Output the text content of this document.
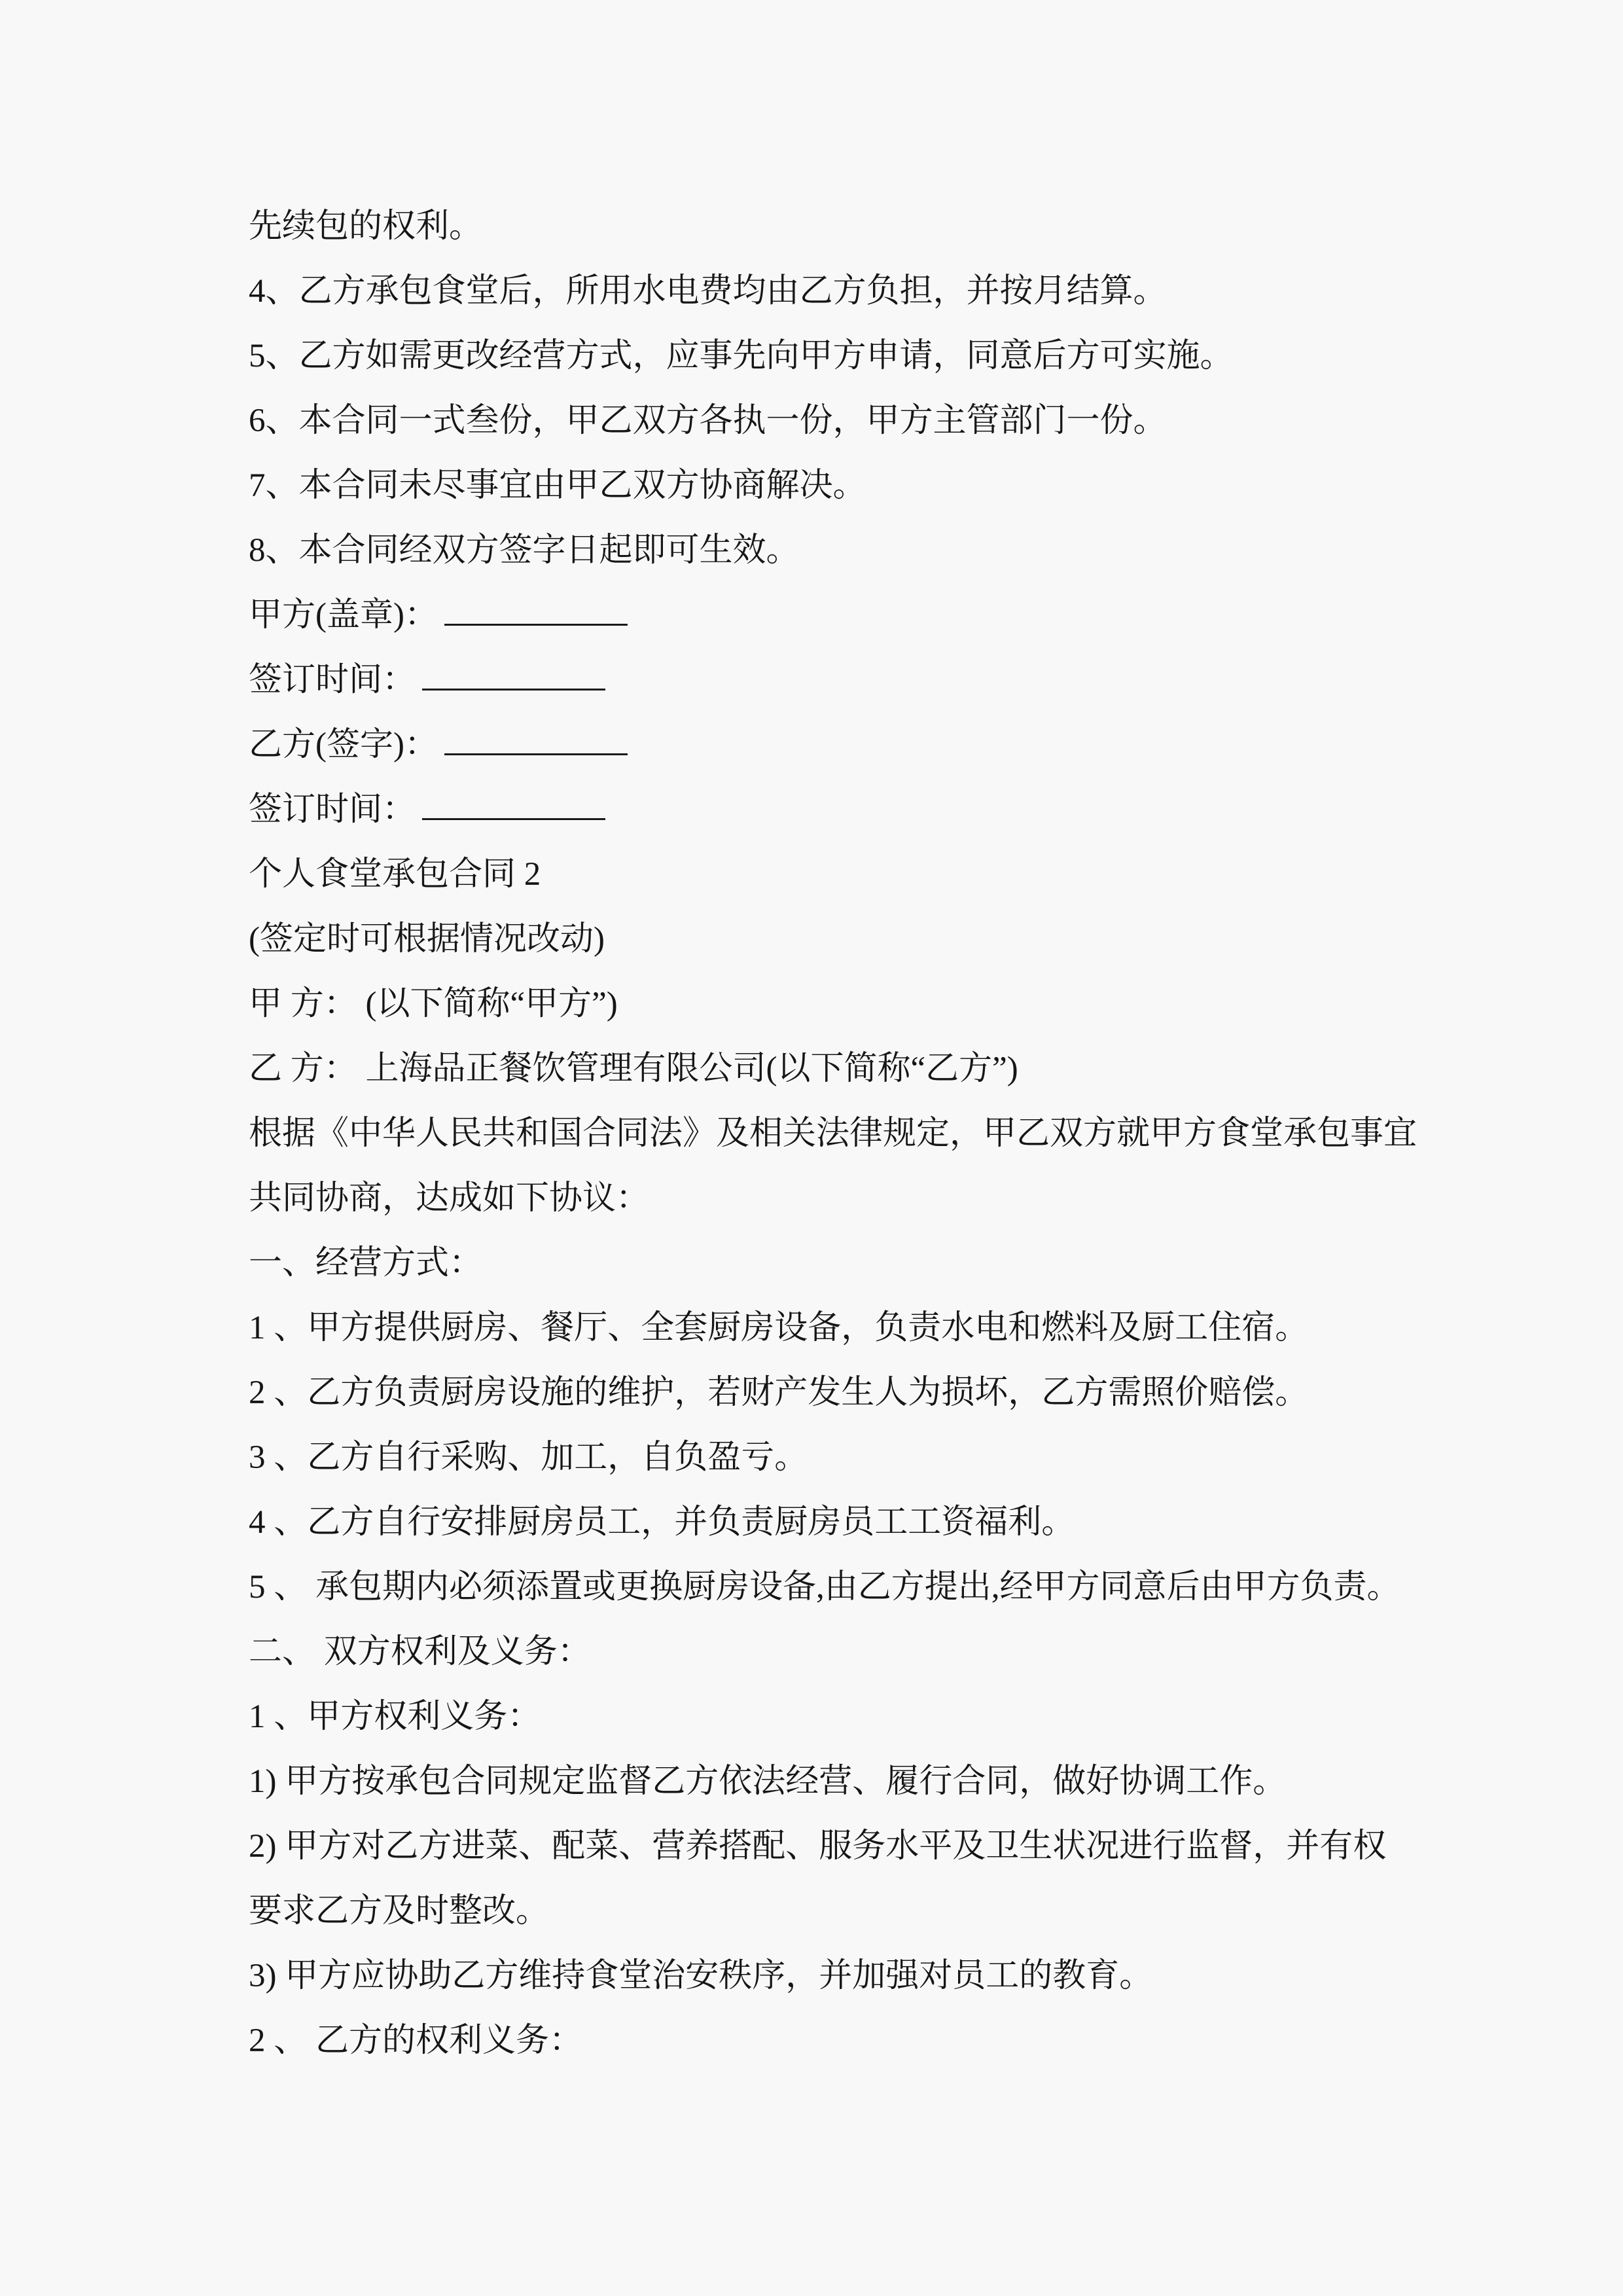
先续包的权利。
4、乙方承包食堂后，所用水电费均由乙方负担，并按月结算。
5、乙方如需更改经营方式，应事先向甲方申请，同意后方可实施。
6、本合同一式叁份，甲乙双方各执一份，甲方主管部门一份。
7、本合同未尽事宜由甲乙双方协商解决。
8、本合同经双方签字日起即可生效。
甲方(盖章)：
签订时间：
乙方(签字)：
签订时间：
个人食堂承包合同 2
(签定时可根据情况改动)
甲 方： (以下简称“甲方”)
乙 方： 上海品正餐饮管理有限公司(以下简称“乙方”)
根据《中华人民共和国合同法》及相关法律规定，甲乙双方就甲方食堂承包事宜
共同协商，达成如下协议：
一、经营方式：
1 、甲方提供厨房、餐厅、全套厨房设备，负责水电和燃料及厨工住宿。
2 、乙方负责厨房设施的维护，若财产发生人为损坏，乙方需照价赔偿。
3 、乙方自行采购、加工，自负盈亏。
4 、乙方自行安排厨房员工，并负责厨房员工工资福利。
5 、 承包期内必须添置或更换厨房设备,由乙方提出,经甲方同意后由甲方负责。
二、 双方权利及义务：
1 、甲方权利义务：
1) 甲方按承包合同规定监督乙方依法经营、履行合同，做好协调工作。
2) 甲方对乙方进菜、配菜、营养搭配、服务水平及卫生状况进行监督，并有权
要求乙方及时整改。
3) 甲方应协助乙方维持食堂治安秩序，并加强对员工的教育。
2 、 乙方的权利义务：
